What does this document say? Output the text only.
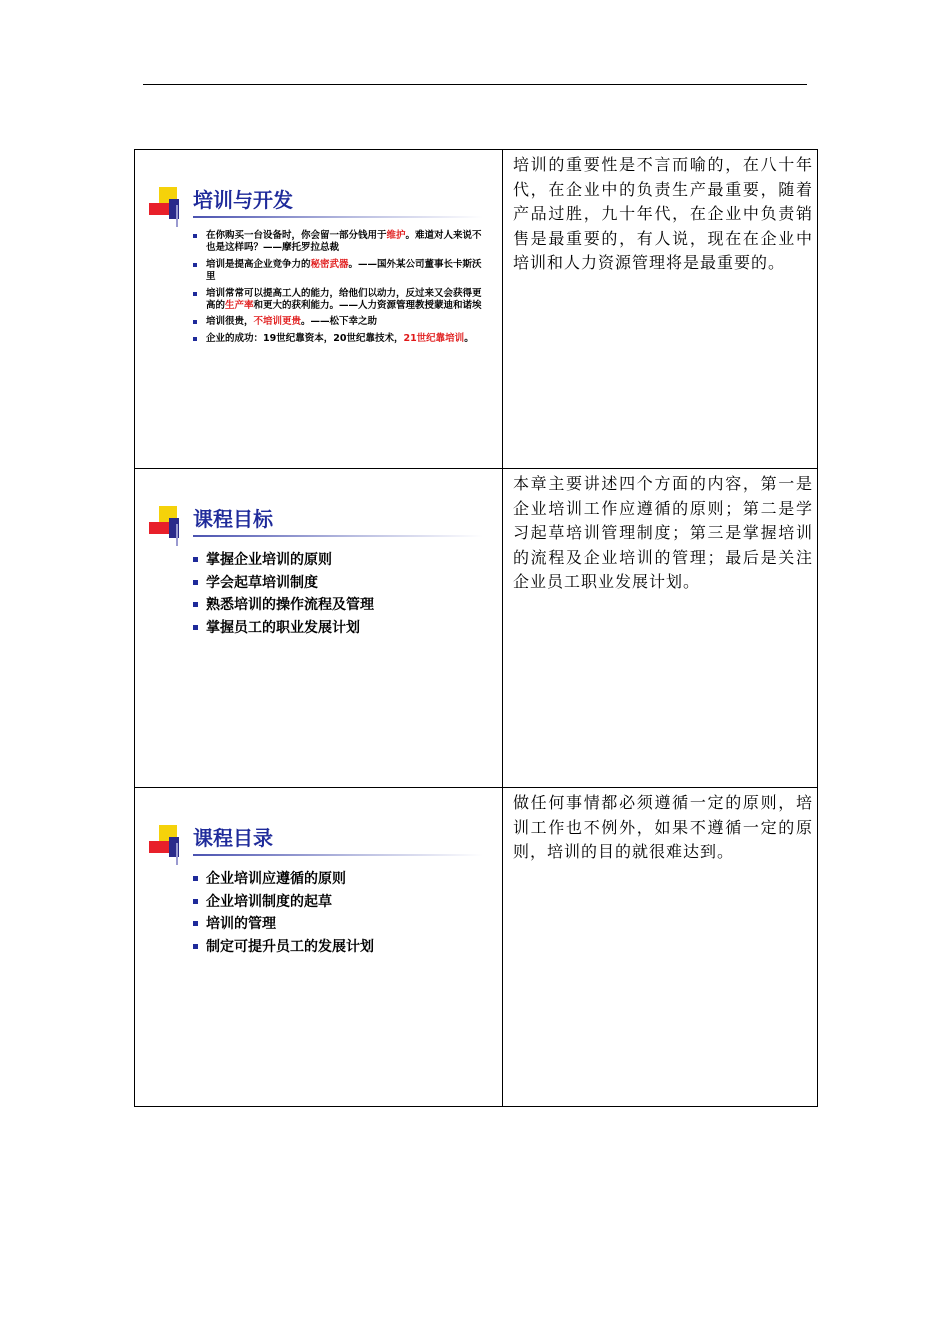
培训与开发
在你购买一台设备时，你会留一部分钱用于维护。难道对人来说不也是这样吗？——摩托罗拉总裁
培训是提高企业竞争力的秘密武器。——国外某公司董事长卡斯沃里
培训常常可以提高工人的能力，给他们以动力，反过来又会获得更高的生产率和更大的获利能力。——人力资源管理教授蒙迪和诺埃
培训很贵，不培训更贵。——松下幸之助
企业的成功：19世纪靠资本，20世纪靠技术，21世纪靠培训。
培训的重要性是不言而喻的，在八十年代，在企业中的负责生产最重要，随着产品过胜，九十年代，在企业中负责销售是最重要的，有人说，现在在企业中培训和人力资源管理将是最重要的。
课程目标
掌握企业培训的原则
学会起草培训制度
熟悉培训的操作流程及管理
掌握员工的职业发展计划
本章主要讲述四个方面的内容，第一是企业培训工作应遵循的原则；第二是学习起草培训管理制度；第三是掌握培训的流程及企业培训的管理；最后是关注企业员工职业发展计划。
课程目录
企业培训应遵循的原则
企业培训制度的起草
培训的管理
制定可提升员工的发展计划
做任何事情都必须遵循一定的原则，培训工作也不例外，如果不遵循一定的原则，培训的目的就很难达到。
